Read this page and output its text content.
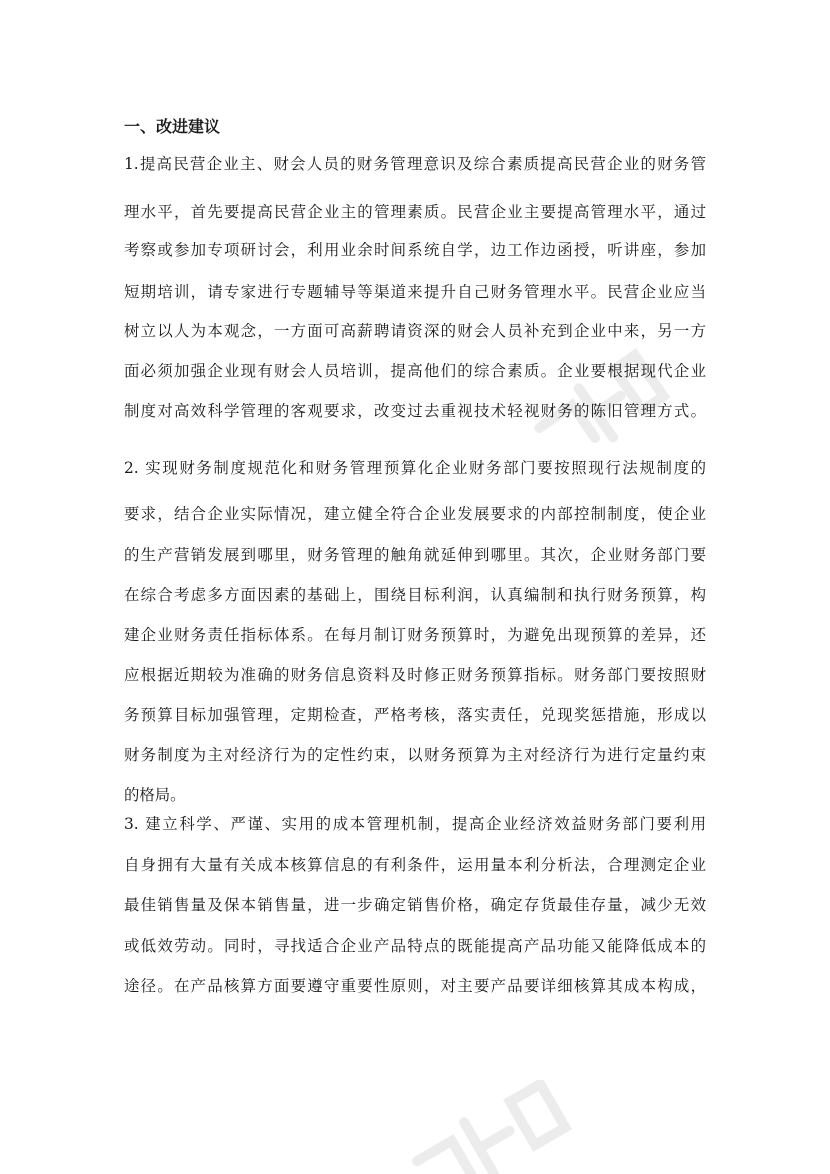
一、改进建议

1.提高民营企业主、财会人员的财务管理意识及综合素质提高民营企业的财务管

理水平，首先要提高民营企业主的管理素质。民营企业主要提高管理水平，通过

考察或参加专项研讨会，利用业余时间系统自学，边工作边函授，听讲座，参加

短期培训，请专家进行专题辅导等渠道来提升自己财务管理水平。民营企业应当

树立以人为本观念，一方面可高薪聘请资深的财会人员补充到企业中来，另一方

面必须加强企业现有财会人员培训，提高他们的综合素质。企业要根据现代企业

制度对高效科学管理的客观要求，改变过去重视技术轻视财务的陈旧管理方式。

2. 实现财务制度规范化和财务管理预算化企业财务部门要按照现行法规制度的

要求，结合企业实际情况，建立健全符合企业发展要求的内部控制制度，使企业

的生产营销发展到哪里，财务管理的触角就延伸到哪里。其次，企业财务部门要

在综合考虑多方面因素的基础上，围绕目标利润，认真编制和执行财务预算，构

建企业财务责任指标体系。在每月制订财务预算时，为避免出现预算的差异，还

应根据近期较为准确的财务信息资料及时修正财务预算指标。财务部门要按照财

务预算目标加强管理，定期检查，严格考核，落实责任，兑现奖惩措施，形成以

财务制度为主对经济行为的定性约束，以财务预算为主对经济行为进行定量约束

的格局。

3. 建立科学、严谨、实用的成本管理机制，提高企业经济效益财务部门要利用

自身拥有大量有关成本核算信息的有利条件，运用量本利分析法，合理测定企业

最佳销售量及保本销售量，进一步确定销售价格，确定存货最佳存量，减少无效

或低效劳动。同时，寻找适合企业产品特点的既能提高产品功能又能降低成本的

途径。在产品核算方面要遵守重要性原则，对主要产品要详细核算其成本构成，
